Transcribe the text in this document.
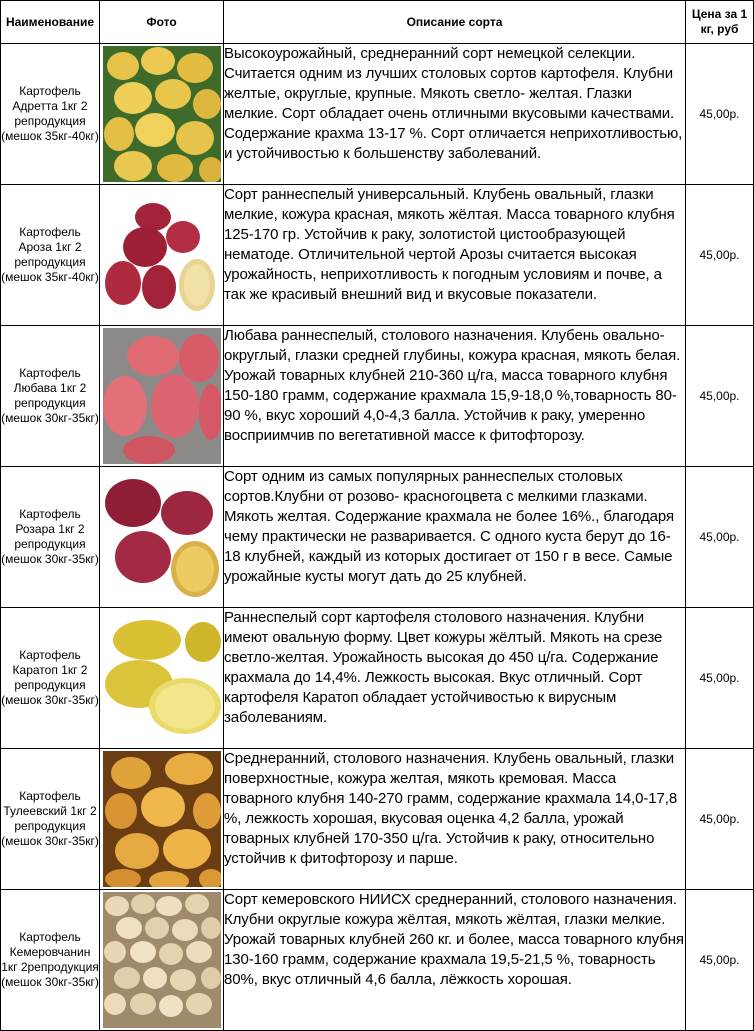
Наименование	Фото	Описание сорта	Цена за 1 кг, руб
Картофель Адретта 1кг 2 репродукция (мешок 35кг-40кг)		Высокоурожайный, среднеранний сорт немецкой селекции. Считается одним из лучших столовых сортов картофеля. Клубни желтые, округлые, крупные. Мякоть светло- желтая. Глазки мелкие. Сорт обладает очень отличными вкусовыми качествами. Содержание крахма 13-17 %. Сорт отличается неприхотливостью, и устойчивостью к большенству заболеваний.	45,00р.
Картофель Ароза 1кг 2 репродукция (мешок 35кг-40кг)		Сорт раннеспелый универсальный. Клубень овальный, глазки мелкие, кожура красная, мякоть жёлтая. Масса товарного клубня 125-170 гр. Устойчив к раку, золотистой цистообразующей нематоде. Отличительной чертой Арозы считается высокая урожайность, неприхотливость к погодным условиям и почве, а так же красивый внешний вид и вкусовые показатели.	45,00р.
Картофель Любава 1кг 2 репродукция (мешок 30кг-35кг)		Любава раннеспелый, столового назначения. Клубень овально-округлый, глазки средней глубины, кожура красная, мякоть белая. Урожай товарных клубней 210-360 ц/га, масса товарного клубня 150-180 грамм, содержание крахмала 15,9-18,0 %,товарность 80-90 %, вкус хороший 4,0-4,3 балла. Устойчив к раку, умеренно восприимчив по вегетативной массе к фитофторозу.	45,00р.
Картофель Розара 1кг 2 репродукция (мешок 30кг-35кг)		Сорт одним из самых популярных раннеспелых столовых сортов.Клубни от розово- красногоцвета с мелкими глазками. Мякоть желтая. Содержание крахмала не более 16%., благодаря чему практически не разваривается. С одного куста берут до 16-18 клубней, каждый из которых достигает от 150 г в весе. Самые урожайные кусты могут дать до 25 клубней.	45,00р.
Картофель Каратоп 1кг 2 репродукция (мешок 30кг-35кг)		Раннеспелый сорт картофеля столового назначения. Клубни имеют овальную форму. Цвет кожуры жёлтый. Мякоть на срезе светло-желтая. Урожайность высокая до 450 ц/га. Содержание крахмала до 14,4%. Лежкость высокая. Вкус отличный. Сорт картофеля Каратоп обладает устойчивостью к вирусным заболеваниям.	45,00р.
Картофель Тулеевский 1кг 2 репродукция (мешок 30кг-35кг)		Среднеранний, столового назначения. Клубень овальный, глазки поверхностные, кожура желтая, мякоть кремовая. Масса товарного клубня 140-270 грамм, содержание крахмала 14,0-17,8 %, лежкость хорошая, вкусовая оценка 4,2 балла, урожай товарных клубней 170-350 ц/га. Устойчив к раку, относительно устойчив к фитофторозу и парше.	45,00р.
Картофель Кемеровчанин 1кг 2репродукция (мешок 30кг-35кг)		Сорт кемеровского НИИСХ среднеранний, столового назначения. Клубни округлые кожура жёлтая, мякоть жёлтая, глазки мелкие. Урожай товарных клубней 260 кг. и более, масса товарного клубня 130-160 грамм, содержание крахмала 19,5-21,5 %, товарность 80%, вкус отличный 4,6 балла, лёжкость хорошая.	45,00р.
